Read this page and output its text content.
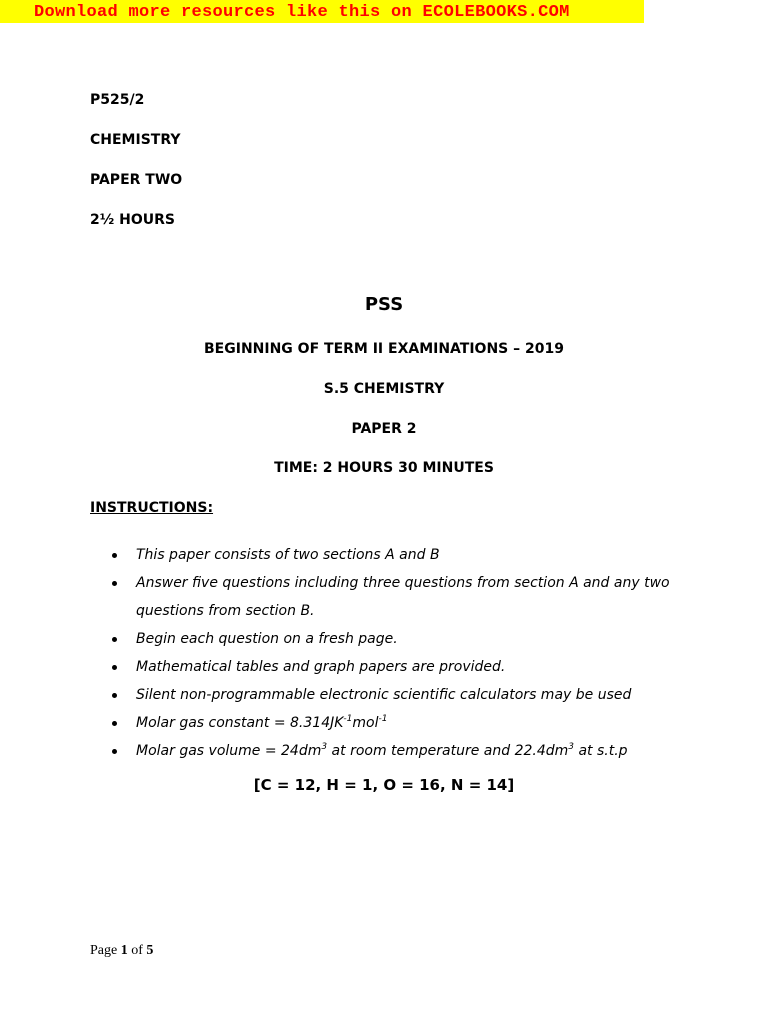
Download more resources like this on ECOLEBOOKS.COM
P525/2
CHEMISTRY
PAPER TWO
2½ HOURS
PSS
BEGINNING OF TERM II EXAMINATIONS – 2019
S.5 CHEMISTRY
PAPER 2
TIME: 2 HOURS 30 MINUTES
INSTRUCTIONS:
This paper consists of two sections A and B
Answer five questions including three questions from section A and any two questions from section B.
Begin each question on a fresh page.
Mathematical tables and graph papers are provided.
Silent non-programmable electronic scientific calculators may be used
Molar gas constant = $8.314JK^{-1}mol^{-1}$
Molar gas volume = $24dm^3$ at room temperature and $22.4dm^3$ at s.t.p
[C = 12, H = 1, O = 16, N = 14]
Page 1 of 5
